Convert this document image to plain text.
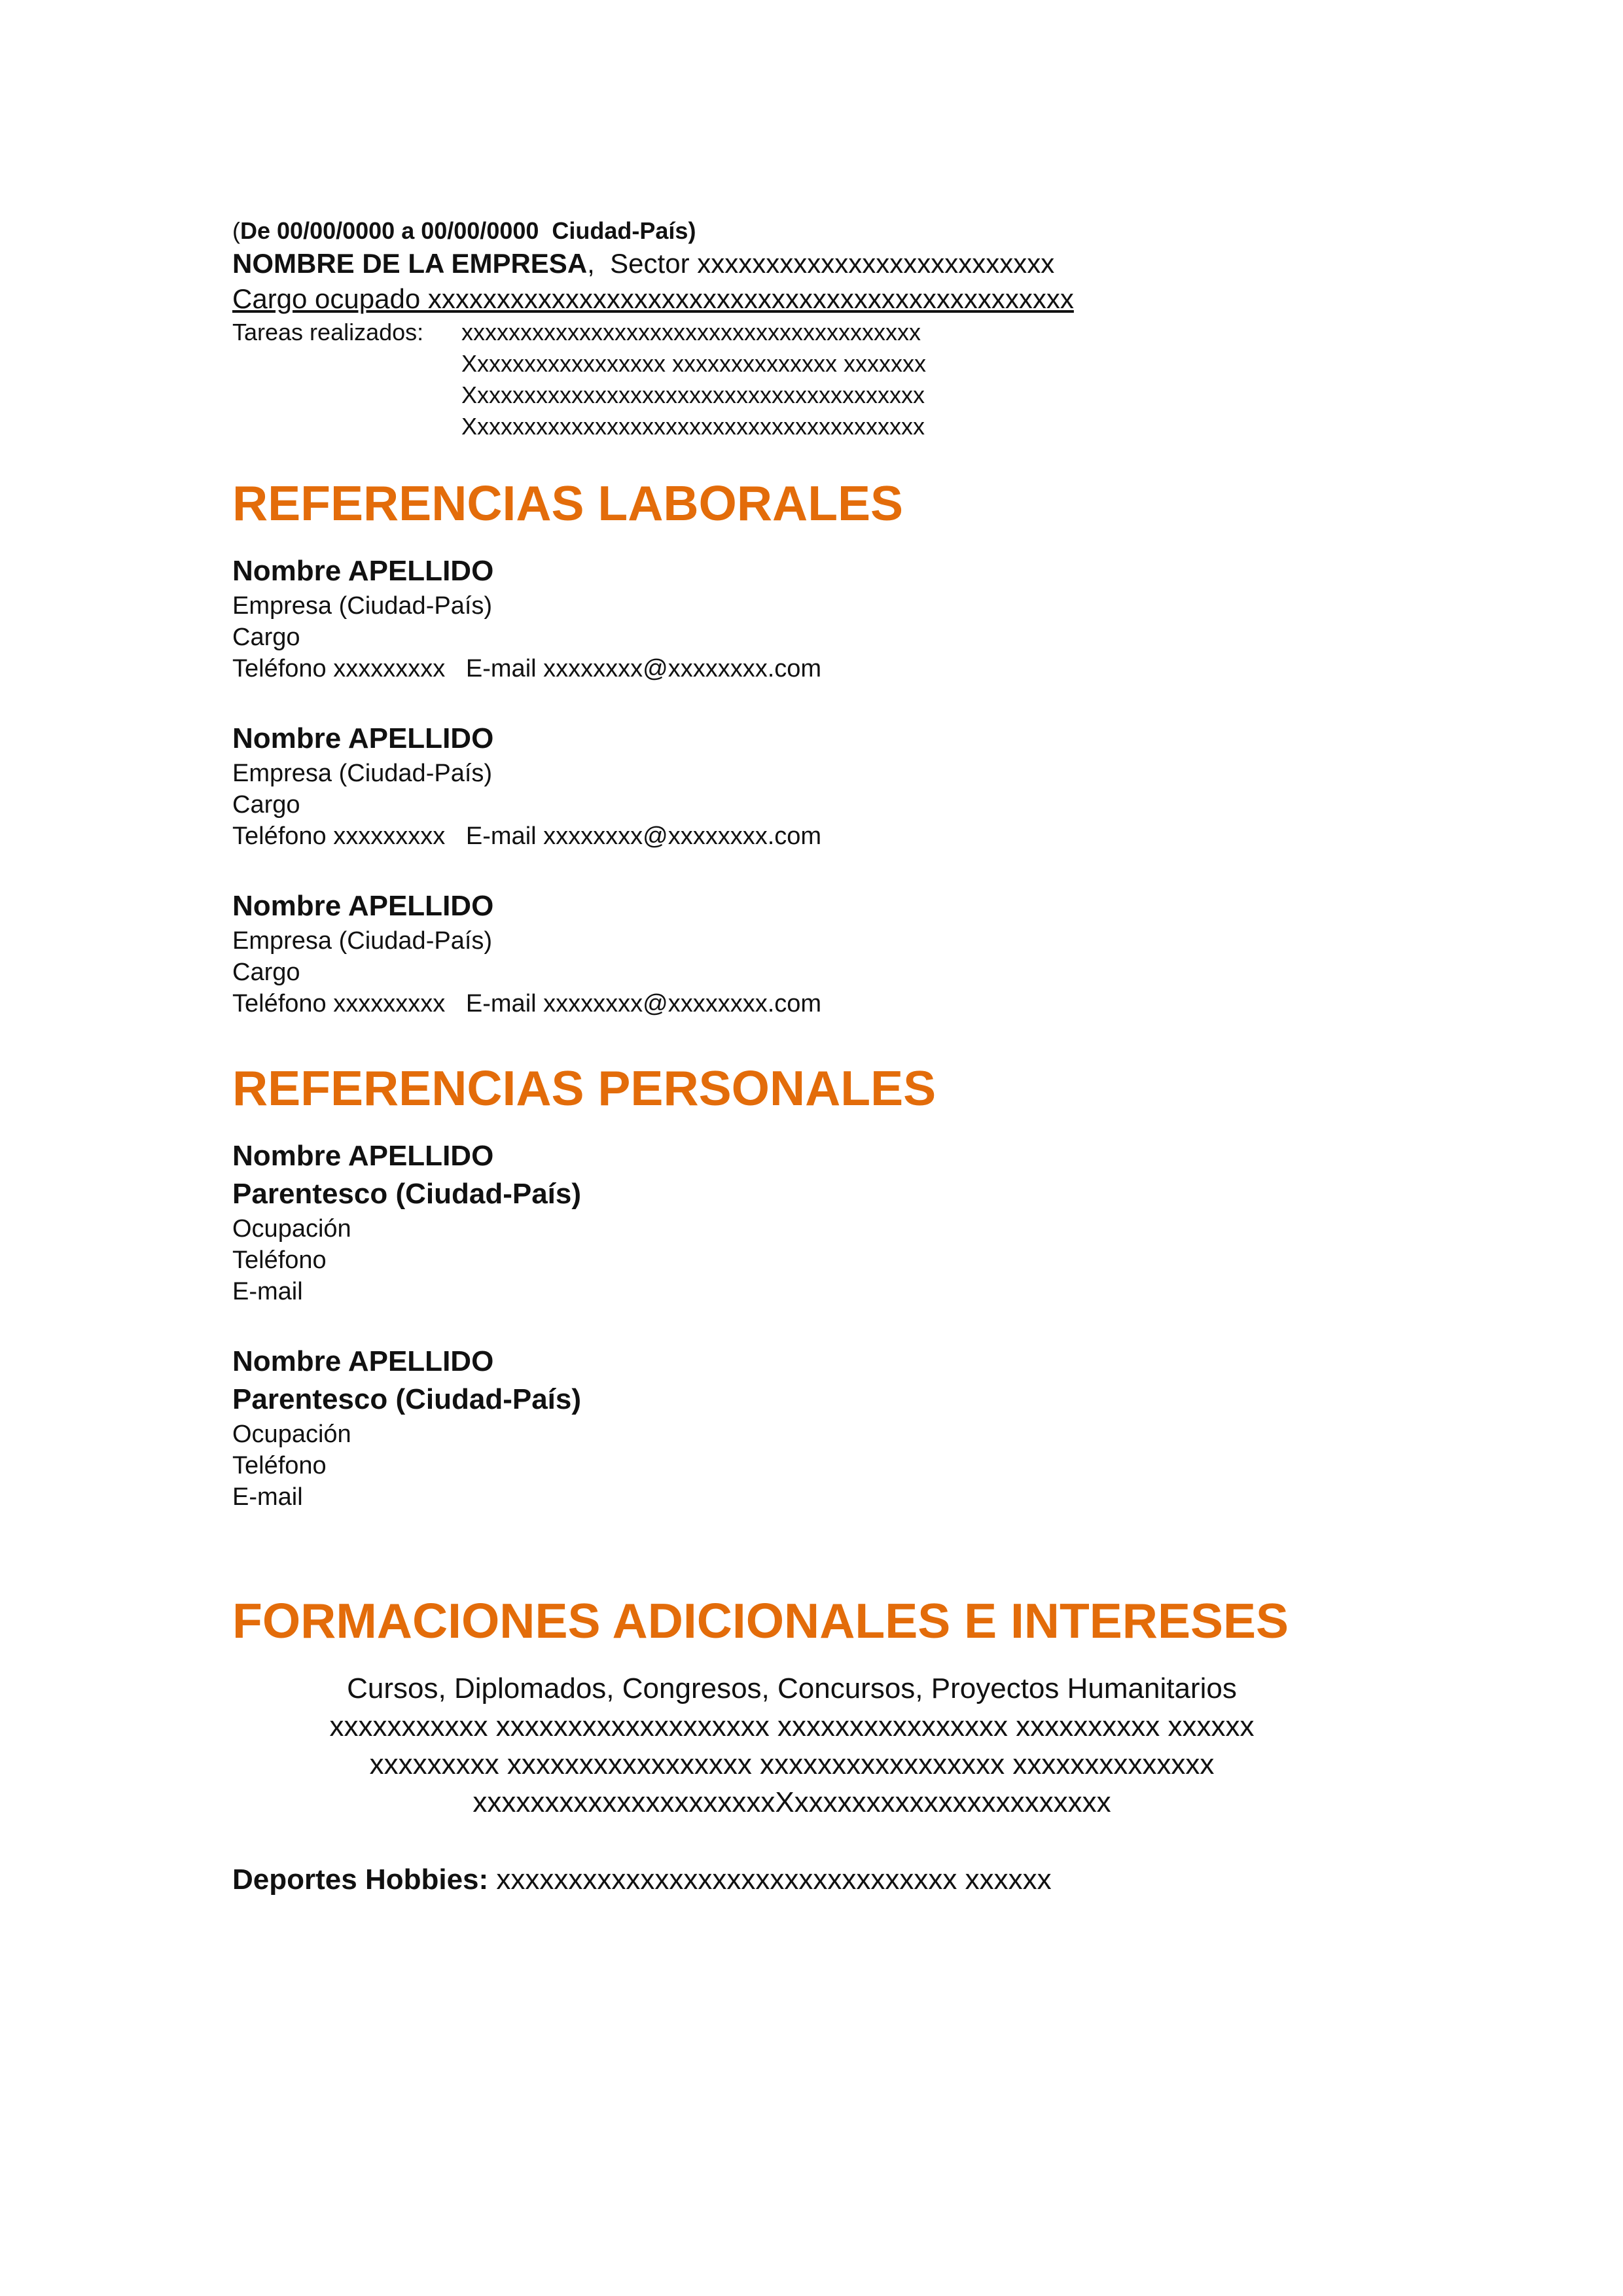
(De 00/00/0000 a 00/00/0000  Ciudad-País)
NOMBRE DE LA EMPRESA,  Sector xxxxxxxxxxxxxxxxxxxxxxxxxx
Cargo ocupado xxxxxxxxxxxxxxxxxxxxxxxxxxxxxxxxxxxxxxxxxxxxxxx
Tareas realizados:	xxxxxxxxxxxxxxxxxxxxxxxxxxxxxxxxxxxxxxx
Xxxxxxxxxxxxxxxxx xxxxxxxxxxxxxx xxxxxxx
Xxxxxxxxxxxxxxxxxxxxxxxxxxxxxxxxxxxxxxx
Xxxxxxxxxxxxxxxxxxxxxxxxxxxxxxxxxxxxxxx
REFERENCIAS LABORALES
Nombre APELLIDO
Empresa (Ciudad-País)
Cargo
Teléfono xxxxxxxxx   E-mail xxxxxxxx@xxxxxxxx.com
Nombre APELLIDO
Empresa (Ciudad-País)
Cargo
Teléfono xxxxxxxxx   E-mail xxxxxxxx@xxxxxxxx.com
Nombre APELLIDO
Empresa (Ciudad-País)
Cargo
Teléfono xxxxxxxxx   E-mail xxxxxxxx@xxxxxxxx.com
REFERENCIAS PERSONALES
Nombre APELLIDO
Parentesco (Ciudad-País)
Ocupación
Teléfono
E-mail
Nombre APELLIDO
Parentesco (Ciudad-País)
Ocupación
Teléfono
E-mail
FORMACIONES ADICIONALES E INTERESES
Cursos, Diplomados, Congresos, Concursos, Proyectos Humanitarios
xxxxxxxxxxx xxxxxxxxxxxxxxxxxxx xxxxxxxxxxxxxxxx xxxxxxxxxx xxxxxx
xxxxxxxxx xxxxxxxxxxxxxxxxx xxxxxxxxxxxxxxxxx xxxxxxxxxxxxxx
xxxxxxxxxxxxxxxxxxxxxXxxxxxxxxxxxxxxxxxxxxxx
Deportes Hobbies: xxxxxxxxxxxxxxxxxxxxxxxxxxxxxxxx xxxxxx
